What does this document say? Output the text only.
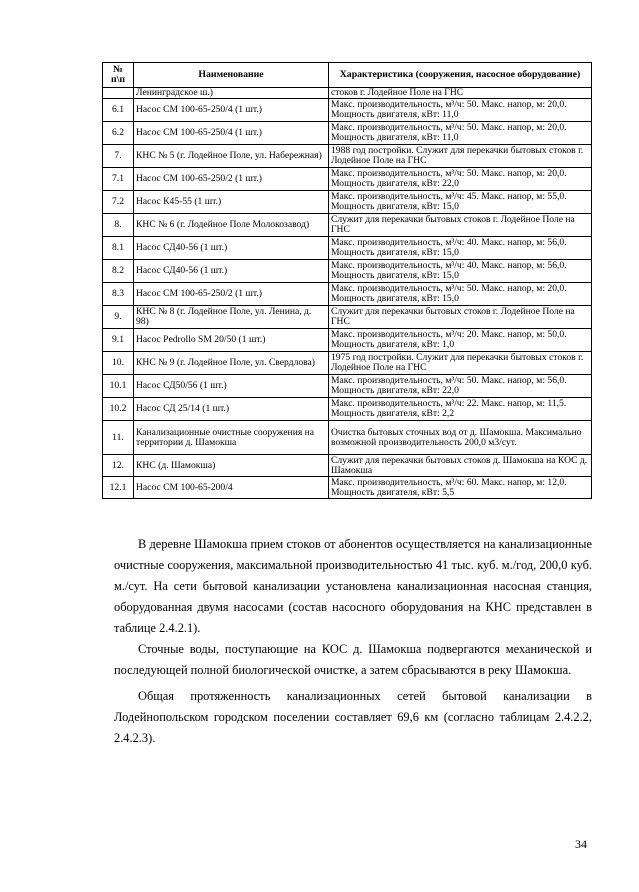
№ п\п	Наименование	Характеристика (сооружения, насосное оборудование)
	Ленинградское ш.)	стоков г. Лодейное Поле на ГНС
6.1	Насос СМ 100-65-250/4 (1 шт.)	Макс. производительность, м³/ч: 50. Макс. напор, м: 20,0. Мощность двигателя, кВт: 11,0
6.2	Насос СМ 100-65-250/4 (1 шт.)	Макс. производительность, м³/ч: 50. Макс. напор, м: 20,0. Мощность двигателя, кВт: 11,0
7.	КНС № 5 (г. Лодейное Поле, ул. Набережная)	1988 год постройки. Служит для перекачки бытовых стоков г. Лодейное Поле на ГНС
7.1	Насос СМ 100-65-250/2 (1 шт.)	Макс. производительность, м³/ч: 50. Макс. напор, м: 20,0. Мощность двигателя, кВт: 22,0
7.2	Насос К45-55 (1 шт.)	Макс. производительность, м³/ч: 45. Макс. напор, м: 55,0. Мощность двигателя, кВт: 15,0
8.	КНС № 6 (г. Лодейное Поле Молокозавод)	Служит для перекачки бытовых стоков г. Лодейное Поле на ГНС
8.1	Насос СД40-56 (1 шт.)	Макс. производительность, м³/ч: 40. Макс. напор, м: 56,0. Мощность двигателя, кВт: 15,0
8.2	Насос СД40-56 (1 шт.)	Макс. производительность, м³/ч: 40. Макс. напор, м: 56,0. Мощность двигателя, кВт: 15,0
8.3	Насос СМ 100-65-250/2 (1 шт.)	Макс. производительность, м³/ч: 50. Макс. напор, м: 20,0. Мощность двигателя, кВт: 15,0
9.	КНС № 8 (г. Лодейное Поле, ул. Ленина, д. 98)	Служит для перекачки бытовых стоков г. Лодейное Поле на ГНС
9.1	Насос Pedrollo SM 20/50 (1 шт.)	Макс. производительность, м³/ч: 20. Макс. напор, м: 50,0. Мощность двигателя, кВт: 1,0
10.	КНС № 9 (г. Лодейное Поле, ул. Свердлова)	1975 год постройки. Служит для перекачки бытовых стоков г. Лодейное Поле на ГНС
10.1	Насос СД50/56 (1 шт.)	Макс. производительность, м³/ч: 50. Макс. напор, м: 56,0. Мощность двигателя, кВт: 22,0
10.2	Насос СД 25/14 (1 шт.)	Макс. производительность, м³/ч: 22. Макс. напор, м: 11,5. Мощность двигателя, кВт: 2,2
11.	Канализационные очистные сооружения на территории д. Шамокша	Очистка бытовых сточных вод от д. Шамокша. Максимально возможной производительность 200,0 м3/сут.
12.	КНС (д. Шамокша)	Служит для перекачки бытовых стоков д. Шамокша на КОС д. Шамокша
12.1	Насос СМ 100-65-200/4	Макс. производительность, м³/ч: 60. Макс. напор, м: 12,0. Мощность двигателя, кВт: 5,5
В деревне Шамокша прием стоков от абонентов осуществляется на канализационные очистные сооружения, максимальной производительностью 41 тыс. куб. м./год, 200,0 куб. м./сут. На сети бытовой канализации установлена канализационная насосная станция, оборудованная двумя насосами (состав насосного оборудования на КНС представлен в таблице 2.4.2.1).
Сточные воды, поступающие на КОС д. Шамокша подвергаются механической и последующей полной биологической очистке, а затем сбрасываются в реку Шамокша.
Общая протяженность канализационных сетей бытовой канализации в Лодейнопольском городском поселении составляет 69,6 км (согласно таблицам 2.4.2.2, 2.4.2.3).
34
